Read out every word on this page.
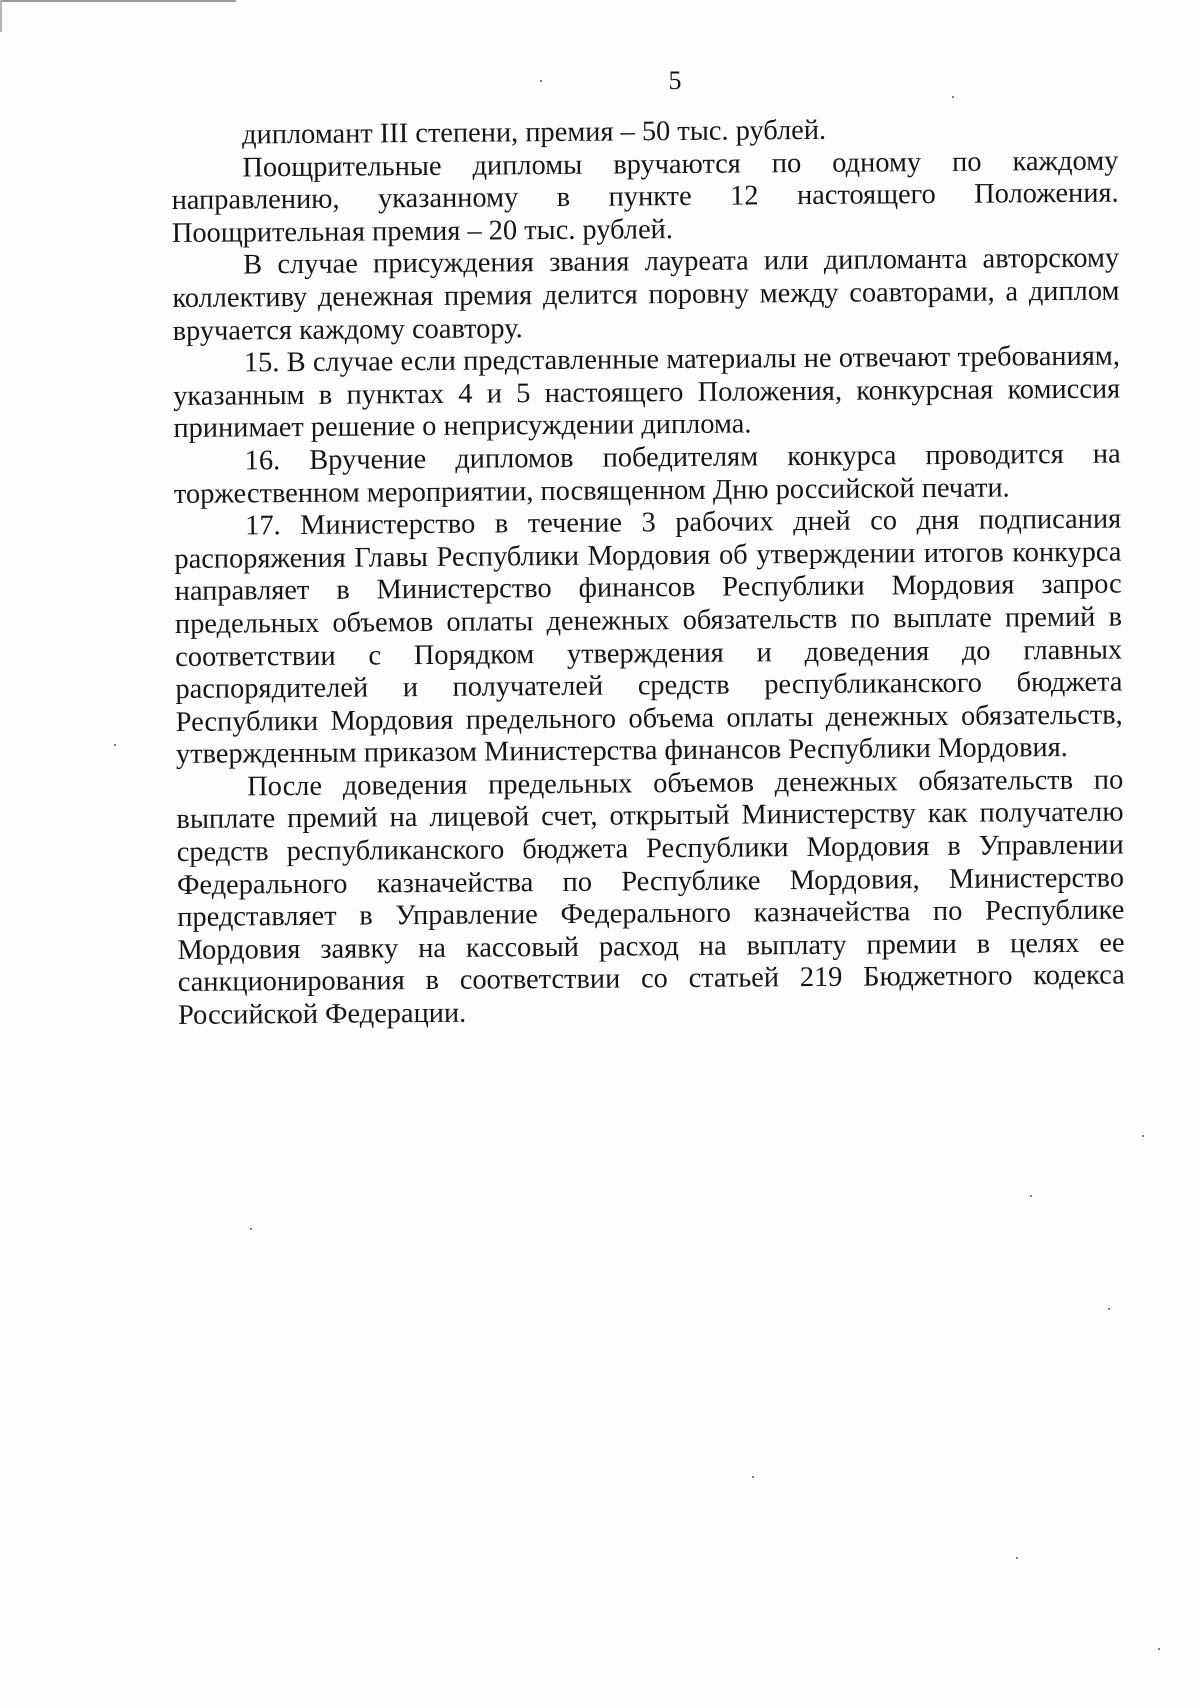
5

дипломант III степени, премия – 50 тыс. рублей.

Поощрительные дипломы вручаются по одному по каждому направлению, указанному в пункте 12 настоящего Положения. Поощрительная премия – 20 тыс. рублей.

В случае присуждения звания лауреата или дипломанта авторскому коллективу денежная премия делится поровну между соавторами, а диплом вручается каждому соавтору.

15. В случае если представленные материалы не отвечают требованиям, указанным в пунктах 4 и 5 настоящего Положения, конкурсная комиссия принимает решение о неприсуждении диплома.

16. Вручение дипломов победителям конкурса проводится на торжественном мероприятии, посвященном Дню российской печати.

17. Министерство в течение 3 рабочих дней со дня подписания распоряжения Главы Республики Мордовия об утверждении итогов конкурса направляет в Министерство финансов Республики Мордовия запрос предельных объемов оплаты денежных обязательств по выплате премий в соответствии с Порядком утверждения и доведения до главных распорядителей и получателей средств республиканского бюджета Республики Мордовия предельного объема оплаты денежных обязательств, утвержденным приказом Министерства финансов Республики Мордовия.

После доведения предельных объемов денежных обязательств по выплате премий на лицевой счет, открытый Министерству как получателю средств республиканского бюджета Республики Мордовия в Управлении Федерального казначейства по Республике Мордовия, Министерство представляет в Управление Федерального казначейства по Республике Мордовия заявку на кассовый расход на выплату премии в целях ее санкционирования в соответствии со статьей 219 Бюджетного кодекса Российской Федерации.
